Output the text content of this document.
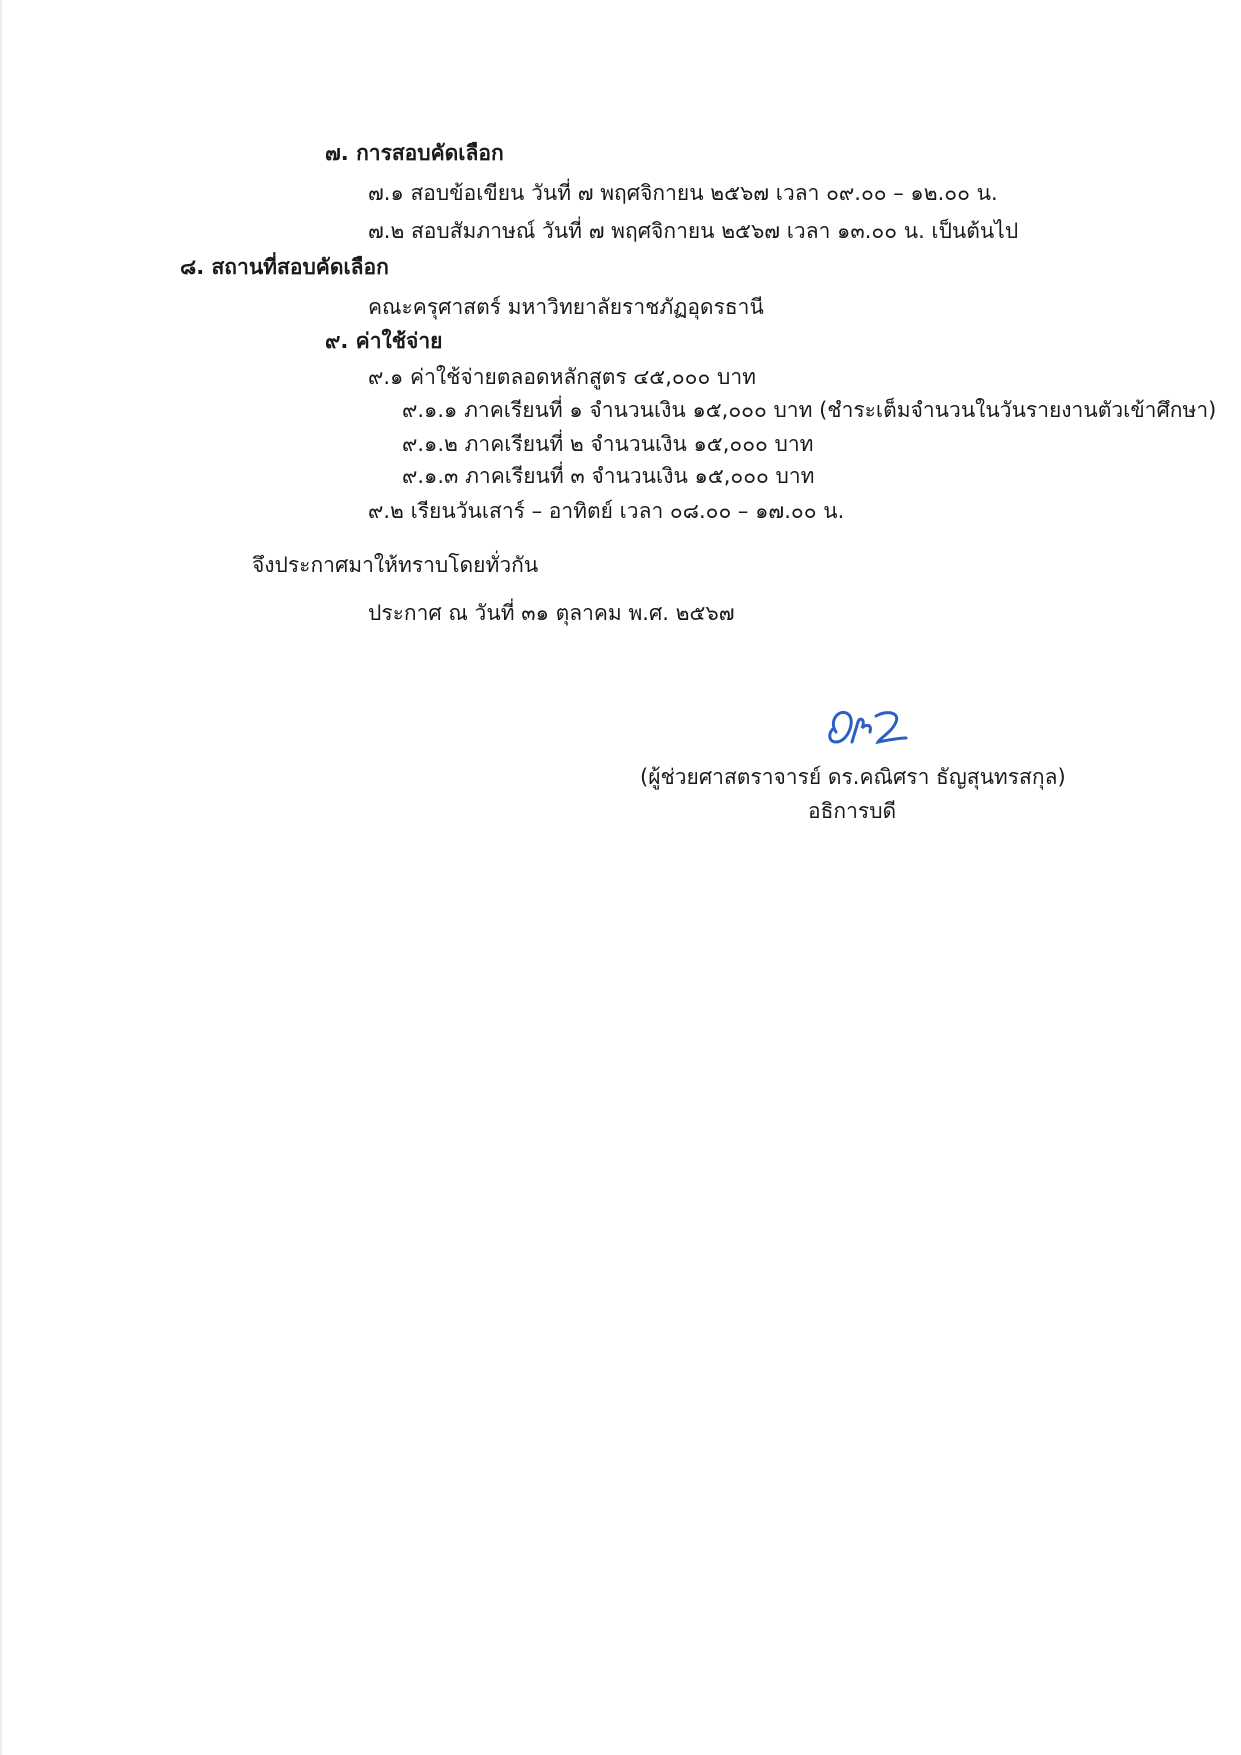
๗. การสอบคัดเลือก
๗.๑ สอบข้อเขียน วันที่ ๗ พฤศจิกายน ๒๕๖๗ เวลา ๐๙.๐๐ – ๑๒.๐๐ น.
๗.๒ สอบสัมภาษณ์ วันที่ ๗ พฤศจิกายน ๒๕๖๗ เวลา ๑๓.๐๐ น. เป็นต้นไป
๘. สถานที่สอบคัดเลือก
คณะครุศาสตร์ มหาวิทยาลัยราชภัฏอุดรธานี
๙. ค่าใช้จ่าย
๙.๑ ค่าใช้จ่ายตลอดหลักสูตร ๔๕,๐๐๐ บาท
๙.๑.๑ ภาคเรียนที่ ๑ จำนวนเงิน ๑๕,๐๐๐ บาท (ชำระเต็มจำนวนในวันรายงานตัวเข้าศึกษา)
๙.๑.๒ ภาคเรียนที่ ๒ จำนวนเงิน ๑๕,๐๐๐ บาท
๙.๑.๓ ภาคเรียนที่ ๓ จำนวนเงิน ๑๕,๐๐๐ บาท
๙.๒ เรียนวันเสาร์ – อาทิตย์ เวลา ๐๘.๐๐ – ๑๗.๐๐ น.
จึงประกาศมาให้ทราบโดยทั่วกัน
ประกาศ ณ วันที่ ๓๑ ตุลาคม พ.ศ. ๒๕๖๗
(ผู้ช่วยศาสตราจารย์ ดร.คณิศรา ธัญสุนทรสกุล)
อธิการบดี
